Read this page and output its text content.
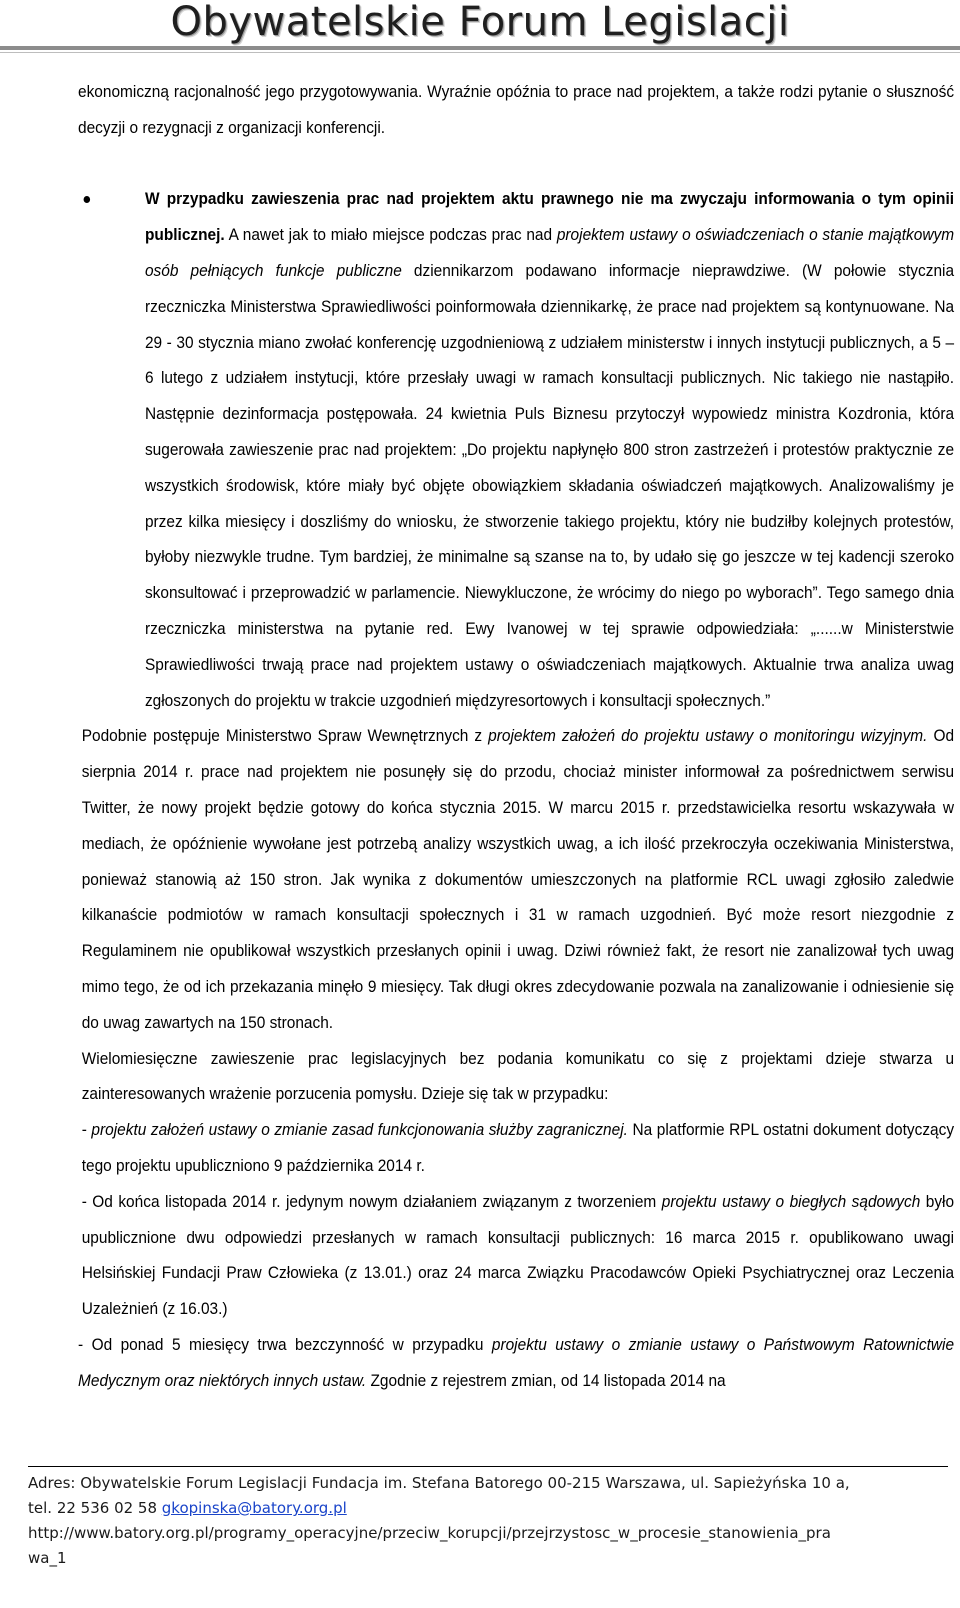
Obywatelskie Forum Legislacji

ekonomiczną racjonalność jego przygotowywania. Wyraźnie opóźnia to prace nad projektem, a także rodzi pytanie o słuszność decyzji o rezygnacji z organizacji konferencji.

W przypadku zawieszenia prac nad projektem aktu prawnego nie ma zwyczaju informowania o tym opinii publicznej. A nawet jak to miało miejsce podczas prac nad projektem ustawy o oświadczeniach o stanie majątkowym osób pełniących funkcje publiczne dziennikarzom podawano informacje nieprawdziwe. (W połowie stycznia rzeczniczka Ministerstwa Sprawiedliwości poinformowała dziennikarkę, że prace nad projektem są kontynuowane. Na 29 - 30 stycznia miano zwołać konferencję uzgodnieniową z udziałem ministerstw i innych instytucji publicznych, a 5 – 6 lutego z udziałem instytucji, które przesłały uwagi w ramach konsultacji publicznych. Nic takiego nie nastąpiło. Następnie dezinformacja postępowała. 24 kwietnia Puls Biznesu przytoczył wypowiedz ministra Kozdronia, która sugerowała zawieszenie prac nad projektem: „Do projektu napłynęło 800 stron zastrzeżeń i protestów praktycznie ze wszystkich środowisk, które miały być objęte obowiązkiem składania oświadczeń majątkowych. Analizowaliśmy je przez kilka miesięcy i doszliśmy do wniosku, że stworzenie takiego projektu, który nie budziłby kolejnych protestów, byłoby niezwykle trudne. Tym bardziej, że minimalne są szanse na to, by udało się go jeszcze w tej kadencji szeroko skonsultować i przeprowadzić w parlamencie. Niewykluczone, że wrócimy do niego po wyborach”. Tego samego dnia rzeczniczka ministerstwa na pytanie red. Ewy Ivanowej w tej sprawie odpowiedziała: „......w Ministerstwie Sprawiedliwości trwają prace nad projektem ustawy o oświadczeniach majątkowych. Aktualnie trwa analiza uwag zgłoszonych do projektu w trakcie uzgodnień międzyresortowych i konsultacji społecznych.”

Podobnie postępuje Ministerstwo Spraw Wewnętrznych z projektem założeń do projektu ustawy o monitoringu wizyjnym. Od sierpnia 2014 r. prace nad projektem nie posunęły się do przodu, chociaż minister informował za pośrednictwem serwisu Twitter, że nowy projekt będzie gotowy do końca stycznia 2015. W marcu 2015 r. przedstawicielka resortu wskazywała w mediach, że opóźnienie wywołane jest potrzebą analizy wszystkich uwag, a ich ilość przekroczyła oczekiwania Ministerstwa, ponieważ stanowią aż 150 stron. Jak wynika z dokumentów umieszczonych na platformie RCL uwagi zgłosiło zaledwie kilkanaście podmiotów w ramach konsultacji społecznych i 31 w ramach uzgodnień. Być może resort niezgodnie z Regulaminem nie opublikował wszystkich przesłanych opinii i uwag. Dziwi również fakt, że resort nie zanalizował tych uwag mimo tego, że od ich przekazania minęło 9 miesięcy. Tak długi okres zdecydowanie pozwala na zanalizowanie i odniesienie się do uwag zawartych na 150 stronach.

Wielomiesięczne zawieszenie prac legislacyjnych bez podania komunikatu co się z projektami dzieje stwarza u zainteresowanych wrażenie porzucenia pomysłu. Dzieje się tak w przypadku:

- projektu założeń ustawy o zmianie zasad funkcjonowania służby zagranicznej. Na platformie RPL ostatni dokument dotyczący tego projektu upubliczniono 9 października 2014 r.

- Od końca listopada 2014 r. jedynym nowym działaniem związanym z tworzeniem projektu ustawy o biegłych sądowych było upublicznione dwu odpowiedzi przesłanych w ramach konsultacji publicznych: 16 marca 2015 r. opublikowano uwagi Helsińskiej Fundacji Praw Człowieka (z 13.01.) oraz 24 marca Związku Pracodawców Opieki Psychiatrycznej oraz Leczenia Uzależnień (z 16.03.)

- Od ponad 5 miesięcy trwa bezczynność w przypadku projektu ustawy o zmianie ustawy o Państwowym Ratownictwie Medycznym oraz niektórych innych ustaw. Zgodnie z rejestrem zmian, od 14 listopada 2014 na

Adres: Obywatelskie Forum Legislacji Fundacja im. Stefana Batorego 00-215 Warszawa, ul. Sapieżyńska 10 a,
tel. 22 536 02 58 gkopinska@batory.org.pl
http://www.batory.org.pl/programy_operacyjne/przeciw_korupcji/przejrzystosc_w_procesie_stanowienia_pra
wa_1
